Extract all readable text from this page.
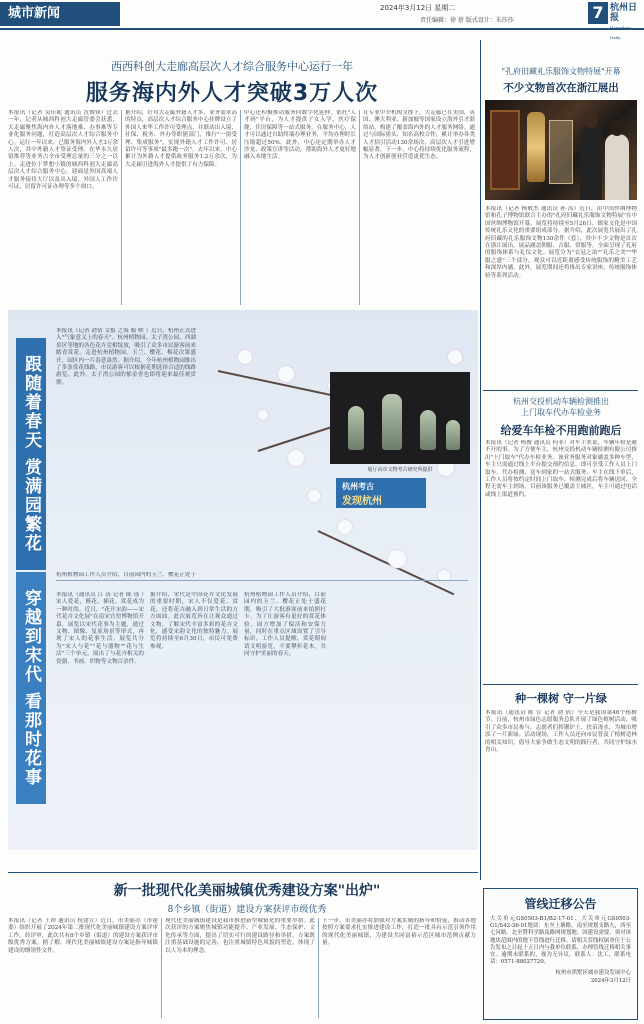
城市新闻	2024年3月12日 星期二
责任编辑：徐 蓓 版式设计：朱莎莎	7 杭州日报
Hangzhou Daily
西西科创大走廊高层次人才综合服务中心运行一年
服务海内外人才突破3万人次
本报讯（记者 吴佳妮 通讯员 沈俊锋）过去一年，记者从城西科创大走廊管委会获悉，大走廊聚焦海内外人才落地难、办事难等专业化服务问题，打造高层次人才综合服务中心。运行一年以来，已服务海内外人才3万余人次，其中外籍人才签证受理、在华永久居留推荐等业务占全市受理总量的三分之一以上。走进位于梦想小镇的城西科创大走廊高层次人才综合服务中心，迎面是外国高端人才服务接待大厅以及出入境、外国人工作许可证、居留许可证办理等多个窗口。
据介绍，针对大走廊外籍人才多、业务需求高的特点，高层次人才综合服务中心挂牌设立了外国人来华工作许可受理点，并联动出入境、社保、税务、外办等职能部门，推行"一窗受理、集成服务"，实现外籍人才工作许可、居留许可等事项"最多跑一次"。去年以来，中心累计为外籍人才提供政务服务1.2万余次，为大走廊引进海外人才提供了有力保障。
中心还积极推动服务向数字化延伸，依托"人才码"平台，为人才提供子女入学、医疗保健、住房保障等一站式服务。在服务中心，人才可以通过自助终端办理业务，平均办理时长压缩超过50%。此外，中心还定期举办人才沙龙、政策宣讲等活动，帮助海外人才更好地融入本地生活。
在专业中介机构支撑下，大走廊已在美国、英国、澳大利亚、新加坡等国家设立海外引才联络站，构建了覆盖海内外的人才服务网络。通过与国际猎头、知名高校合作，累计举办各类人才招引活动130余场次，高层次人才引进增幅显著。下一步，中心将持续优化服务流程，为人才创新创业营造更优生态。
"孔府旧藏礼乐服饰文物特展"开幕
不少文物首次在浙江展出
本报讯（记者 杨敏杰 通讯员 孙 涛）近日，由中国丝绸博物馆和孔子博物馆联合主办的"孔府旧藏礼乐服饰文物特展"在中国丝绸博物馆开幕，展览将持续至5月26日。儒家文化是中国传统礼乐文化的重要组成部分。据介绍，此次展览共展出了孔府旧藏的礼乐服饰文物130余件（套），其中不少文物是首次在浙江展出。展品涵盖朝服、吉服、常服等，全面呈现了孔府的服饰体系与礼仪文化。展览分为"衣冠之治""礼乐之美""华服之盛"三个部分，观众可以近距离感受传统服饰的精美工艺和深厚内涵。此外，展览期间还将推出专家讲座、传统服饰体验等系列活动。
杭州交投机动车辆检测推出
上门取车代办车检业务
给爱车年检不用跑前跑后
本报讯（记者 杨俊 通讯员 何菲）对车主来说，车辆年检是避不开的事。为了方便车主，杭州交投机动车辆检测有限公司推出"上门取车"代办车检业务。该业务服务对象涵盖多种车型，车主只需通过线上平台提交预约信息，即可享受工作人员上门取车、代办检测、送车到家的一站式服务。车主在线下单后，工作人员将按约定时间上门取车，检测完成后将车辆送回，全程无需车主到场。目前该服务已覆盖主城区，车主可通过电话或线上渠道预约。
种一棵树 守一片绿
本报讯（通讯员 陈 宣 记者 俞 倩）今天是我国第46个植树节。日前，杭州市绿色志愿服务总队开展了绿色植树活动，吸引了众多市民参与。志愿者们挥锹铲土、扶苗浇水，为城市增添了一片新绿。活动现场，工作人员还向市民普及了植树造林的相关知识，倡导大家争做生态文明的践行者，共同守护绿水青山。
跟随着春天 赏满园繁花
穿越到宋代 看那时花事
本报讯（记者 俞倩 文报 之海 服 帅 ）近日，杭州正式进入"气象意义上的春天"。杭州植物园、太子湾公园、西湖景区等地的各色花卉竞相绽放，吸引了众多市民游客前来踏青赏花。走进杭州植物园，玉兰、樱花、梅花次第盛开，园区内一片春意盎然。据介绍，今年杭州植物园推出了多条赏花线路，市民游客可以根据花期选择合适的线路游览。此外，太子湾公园的郁金香也即将迎来最佳观赏期。
杭州植物园工作人员介绍，目前园内的玉兰、樱花正处于
本报讯（通讯员 江 涛 记者 陈 瑶 ）宋人爱花，簪花、插花、赏花成为一种时尚。近日，"花开宋韵——宋代花卉文化展"在南宋官窑博物馆开幕，展览以宋代花事为主题，通过文物、图像、复原场景等形式，再现了宋人的花事生活。展览共分为"宋人与花""花与器物""花与生活"三个单元，展出了与花卉相关的瓷器、书画、织物等文物百余件。
据介绍，宋代是中国花卉文化发展的重要时期，宋人不仅爱花、赏花，还将花卉融入到日常生活的方方面面。此次展览旨在让观众通过文物，了解宋代丰富多彩的花卉文化，感受宋韵文化的独特魅力。展览将持续至6月30日，市民可免费参观。
杭州植物园工作人员介绍，目前园内的玉兰、樱花正处于盛花期，吸引了大批游客前来拍照打卡。为了让游客有更好的赏花体验，园方增加了保洁和安保力量，同时在重点区域设置了引导标识。工作人员提醒，赏花期间请文明游览，不要攀折花木，共同守护美丽的春天。
展厅由市文物考古研究所提供
杭州考古
发现杭州
新一批现代化美丽城镇优秀建设方案"出炉"
8个乡镇（街道）建设方案获评市级优秀
本报讯（记者 王禅 通讯员 杭建宣）近日，市美丽办（市建委）组织开展了2024年第二批现代化美丽城镇建设方案评审工作。经评审，此次共有8个乡镇（街道）的建设方案获评市级优秀方案。据了解，现代化美丽城镇建设方案是指导城镇建设的纲领性文件。
现代化美丽城镇建设是我市推进新型城镇化的重要举措。此次获评的方案聚焦城镇功能提升、产业发展、生态保护、文化传承等方面，提出了切实可行的建设路径和举措。方案既注重基础设施的完善，也注重城镇特色风貌的塑造，体现了以人为本的理念。
下一步，市美丽办将加强对方案实施的指导和督促，推动各地按照方案要求扎实推进建设工作，打造一批具有示范引领作用的现代化美丽城镇，为建设共同富裕示范区城市范例贡献力量。
管线迁移公告
大关单元GS0503-B1/B2-17-01、大关单元GS0503-G1/S42-36-01地块：东至上塘路，南至规划支路九，西至七河路，北至赞科学路及路网规划地。因建设需要，须对该地块范围内的地下管线进行迁移。请相关管线权属单位于公告发布之日起十五日内与我单位联系，办理管线迁移相关事宜。逾期未联系的，视为无异议。联系人：沈工，联系电话：0571-88027720。
杭州市拱墅区城市建设发展中心
2024年3月12日
